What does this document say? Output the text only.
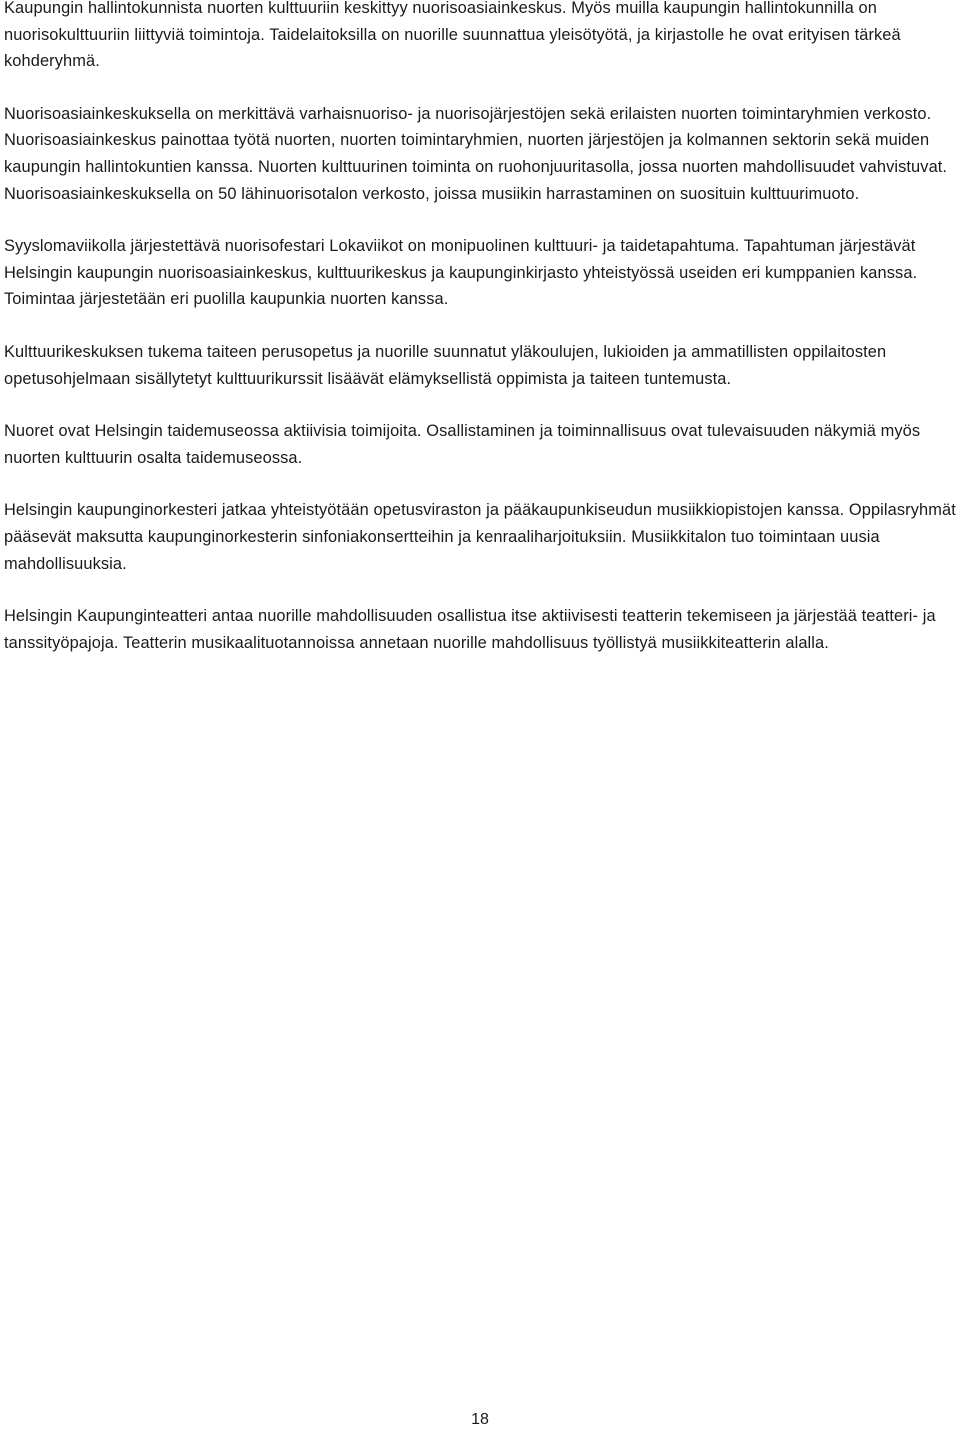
Kaupungin hallintokunnista nuorten kulttuuriin keskittyy nuorisoasiainkeskus. Myös muilla kaupungin hallintokunnilla on nuorisokulttuuriin liittyviä toimintoja. Taidelaitoksilla on nuorille suunnattua yleisötyötä, ja kirjastolle he ovat erityisen tärkeä kohderyhmä.

Nuorisoasiainkeskuksella on merkittävä varhaisnuoriso- ja nuorisojärjestöjen sekä erilaisten nuorten toimintaryhmien verkosto. Nuorisoasiainkeskus painottaa työtä nuorten, nuorten toimintaryhmien, nuorten järjestöjen ja kolmannen sektorin sekä muiden kaupungin hallintokuntien kanssa. Nuorten kulttuurinen toiminta on ruohonjuuritasolla, jossa nuorten mahdollisuudet vahvistuvat. Nuorisoasiainkeskuksella on 50 lähinuorisotalon verkosto, joissa musiikin harrastaminen on suosituin kulttuurimuoto.

Syyslomaviikolla järjestettävä nuorisofestari Lokaviikot on monipuolinen kulttuuri- ja taidetapahtuma. Tapahtuman järjestävät Helsingin kaupungin nuorisoasiainkeskus, kulttuurikeskus ja kaupunginkirjasto yhteistyössä useiden eri kumppanien kanssa. Toimintaa järjestetään eri puolilla kaupunkia nuorten kanssa.

Kulttuurikeskuksen tukema taiteen perusopetus ja nuorille suunnatut yläkoulujen, lukioiden ja ammatillisten oppilaitosten opetusohjelmaan sisällytetyt kulttuurikurssit lisäävät elämyksellistä oppimista ja taiteen tuntemusta.

Nuoret ovat Helsingin taidemuseossa aktiivisia toimijoita. Osallistaminen ja toiminnallisuus ovat tulevaisuuden näkymiä myös nuorten kulttuurin osalta taidemuseossa.

Helsingin kaupunginorkesteri jatkaa yhteistyötään opetusviraston ja pääkaupunkiseudun musiikkiopistojen kanssa. Oppilasryhmät pääsevät maksutta kaupunginorkesterin sinfoniakonsertteihin ja kenraaliharjoituksiin. Musiikkitalon tuo toimintaan uusia mahdollisuuksia.

Helsingin Kaupunginteatteri antaa nuorille mahdollisuuden osallistua itse aktiivisesti teatterin tekemiseen ja järjestää teatteri- ja tanssityöpajoja. Teatterin musikaalituotannoissa annetaan nuorille mahdollisuus työllistyä musiikkiteatterin alalla.

18
